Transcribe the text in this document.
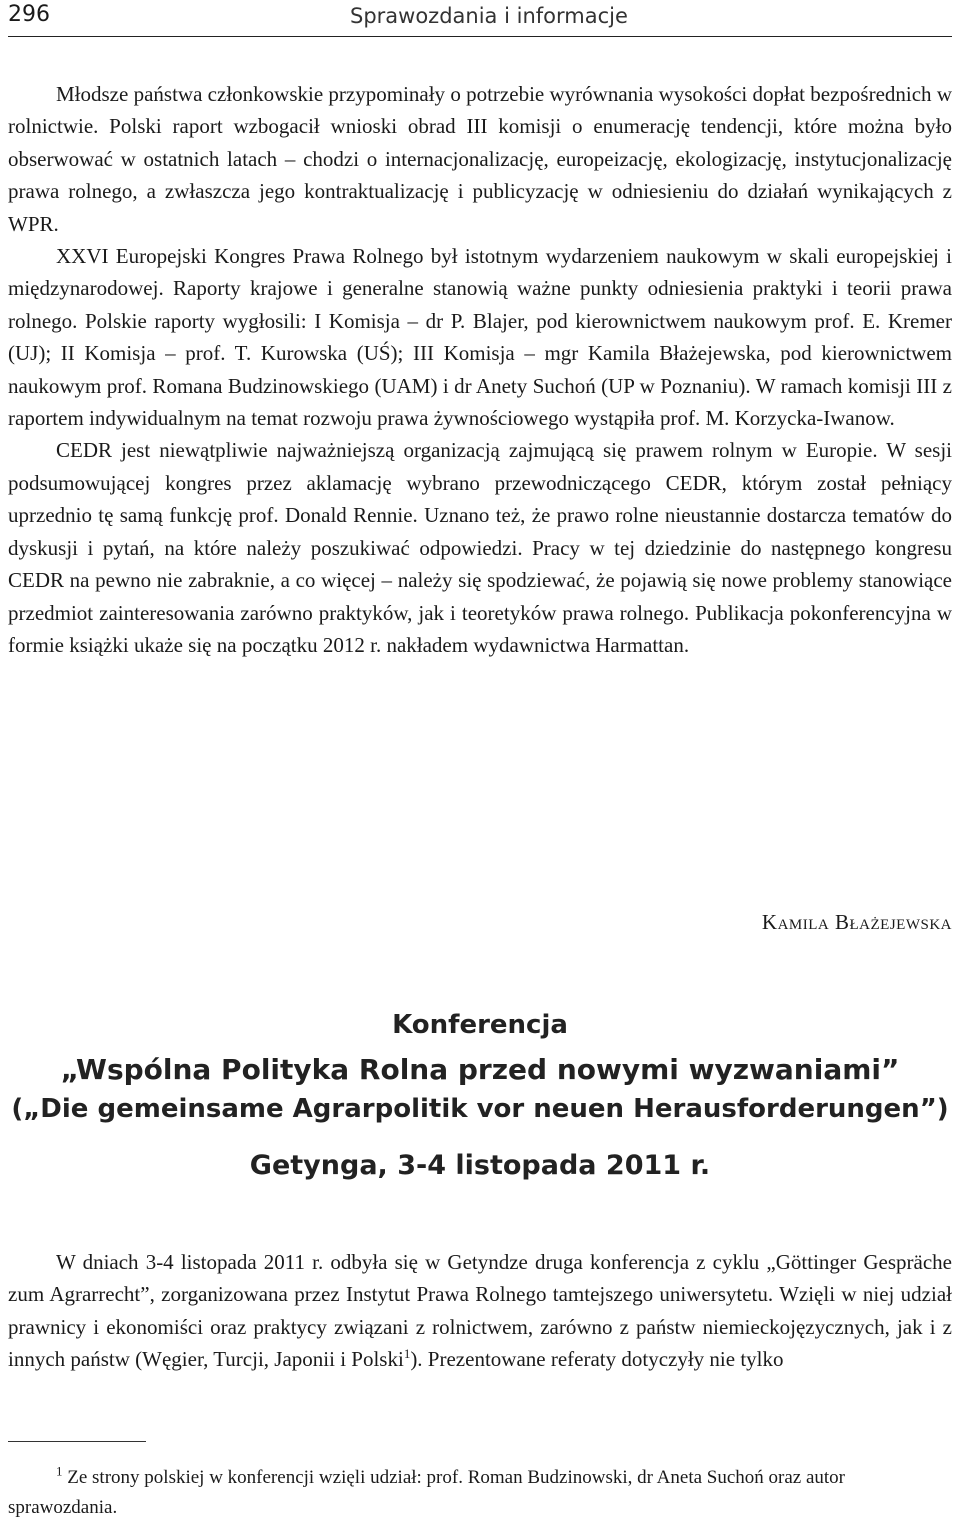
296	Sprawozdania i informacje

Młodsze państwa członkowskie przypominały o potrzebie wyrównania wysokości dopłat bezpośrednich w rolnictwie. Polski raport wzbogacił wnioski obrad III komisji o enumerację tendencji, które można było obserwować w ostatnich latach – chodzi o internacjonalizację, europeizację, ekologizację, instytucjonalizację prawa rolnego, a zwłaszcza jego kontraktualizację i publicyzację w odniesieniu do działań wynikających z WPR.

XXVI Europejski Kongres Prawa Rolnego był istotnym wydarzeniem naukowym w skali europejskiej i międzynarodowej. Raporty krajowe i generalne stanowią ważne punkty odniesienia praktyki i teorii prawa rolnego. Polskie raporty wygłosili: I Komisja – dr P. Blajer, pod kierownictwem naukowym prof. E. Kremer (UJ); II Komisja – prof. T. Kurowska (UŚ); III Komisja – mgr Kamila Błażejewska, pod kierownictwem naukowym prof. Romana Budzinowskiego (UAM) i dr Anety Suchoń (UP w Poznaniu). W ramach komisji III z raportem indywidualnym na temat rozwoju prawa żywnościowego wystąpiła prof. M. Korzycka-Iwanow.

CEDR jest niewątpliwie najważniejszą organizacją zajmującą się prawem rolnym w Europie. W sesji podsumowującej kongres przez aklamację wybrano przewodniczącego CEDR, którym został pełniący uprzednio tę samą funkcję prof. Donald Rennie. Uznano też, że prawo rolne nieustannie dostarcza tematów do dyskusji i pytań, na które należy poszukiwać odpowiedzi. Pracy w tej dziedzinie do następnego kongresu CEDR na pewno nie zabraknie, a co więcej – należy się spodziewać, że pojawią się nowe problemy stanowiące przedmiot zainteresowania zarówno praktyków, jak i teoretyków prawa rolnego. Publikacja pokonferencyjna w formie książki ukaże się na początku 2012 r. nakładem wydawnictwa Harmattan.

Kamila Błażejewska
Konferencja
„Wspólna Polityka Rolna przed nowymi wyzwaniami”
(„Die gemeinsame Agrarpolitik vor neuen Herausforderungen”)
Getynga, 3-4 listopada 2011 r.

W dniach 3-4 listopada 2011 r. odbyła się w Getyndze druga konferencja z cyklu „Göttinger Gespräche zum Agrarrecht”, zorganizowana przez Instytut Prawa Rolnego tamtejszego uniwersytetu. Wzięli w niej udział prawnicy i ekonomiści oraz praktycy związani z rolnictwem, zarówno z państw niemieckojęzycznych, jak i z innych państw (Węgier, Turcji, Japonii i Polski$^1$). Prezentowane referaty dotyczyły nie tylko

$^1$ Ze strony polskiej w konferencji wzięli udział: prof. Roman Budzinowski, dr Aneta Suchoń oraz autor sprawozdania.
